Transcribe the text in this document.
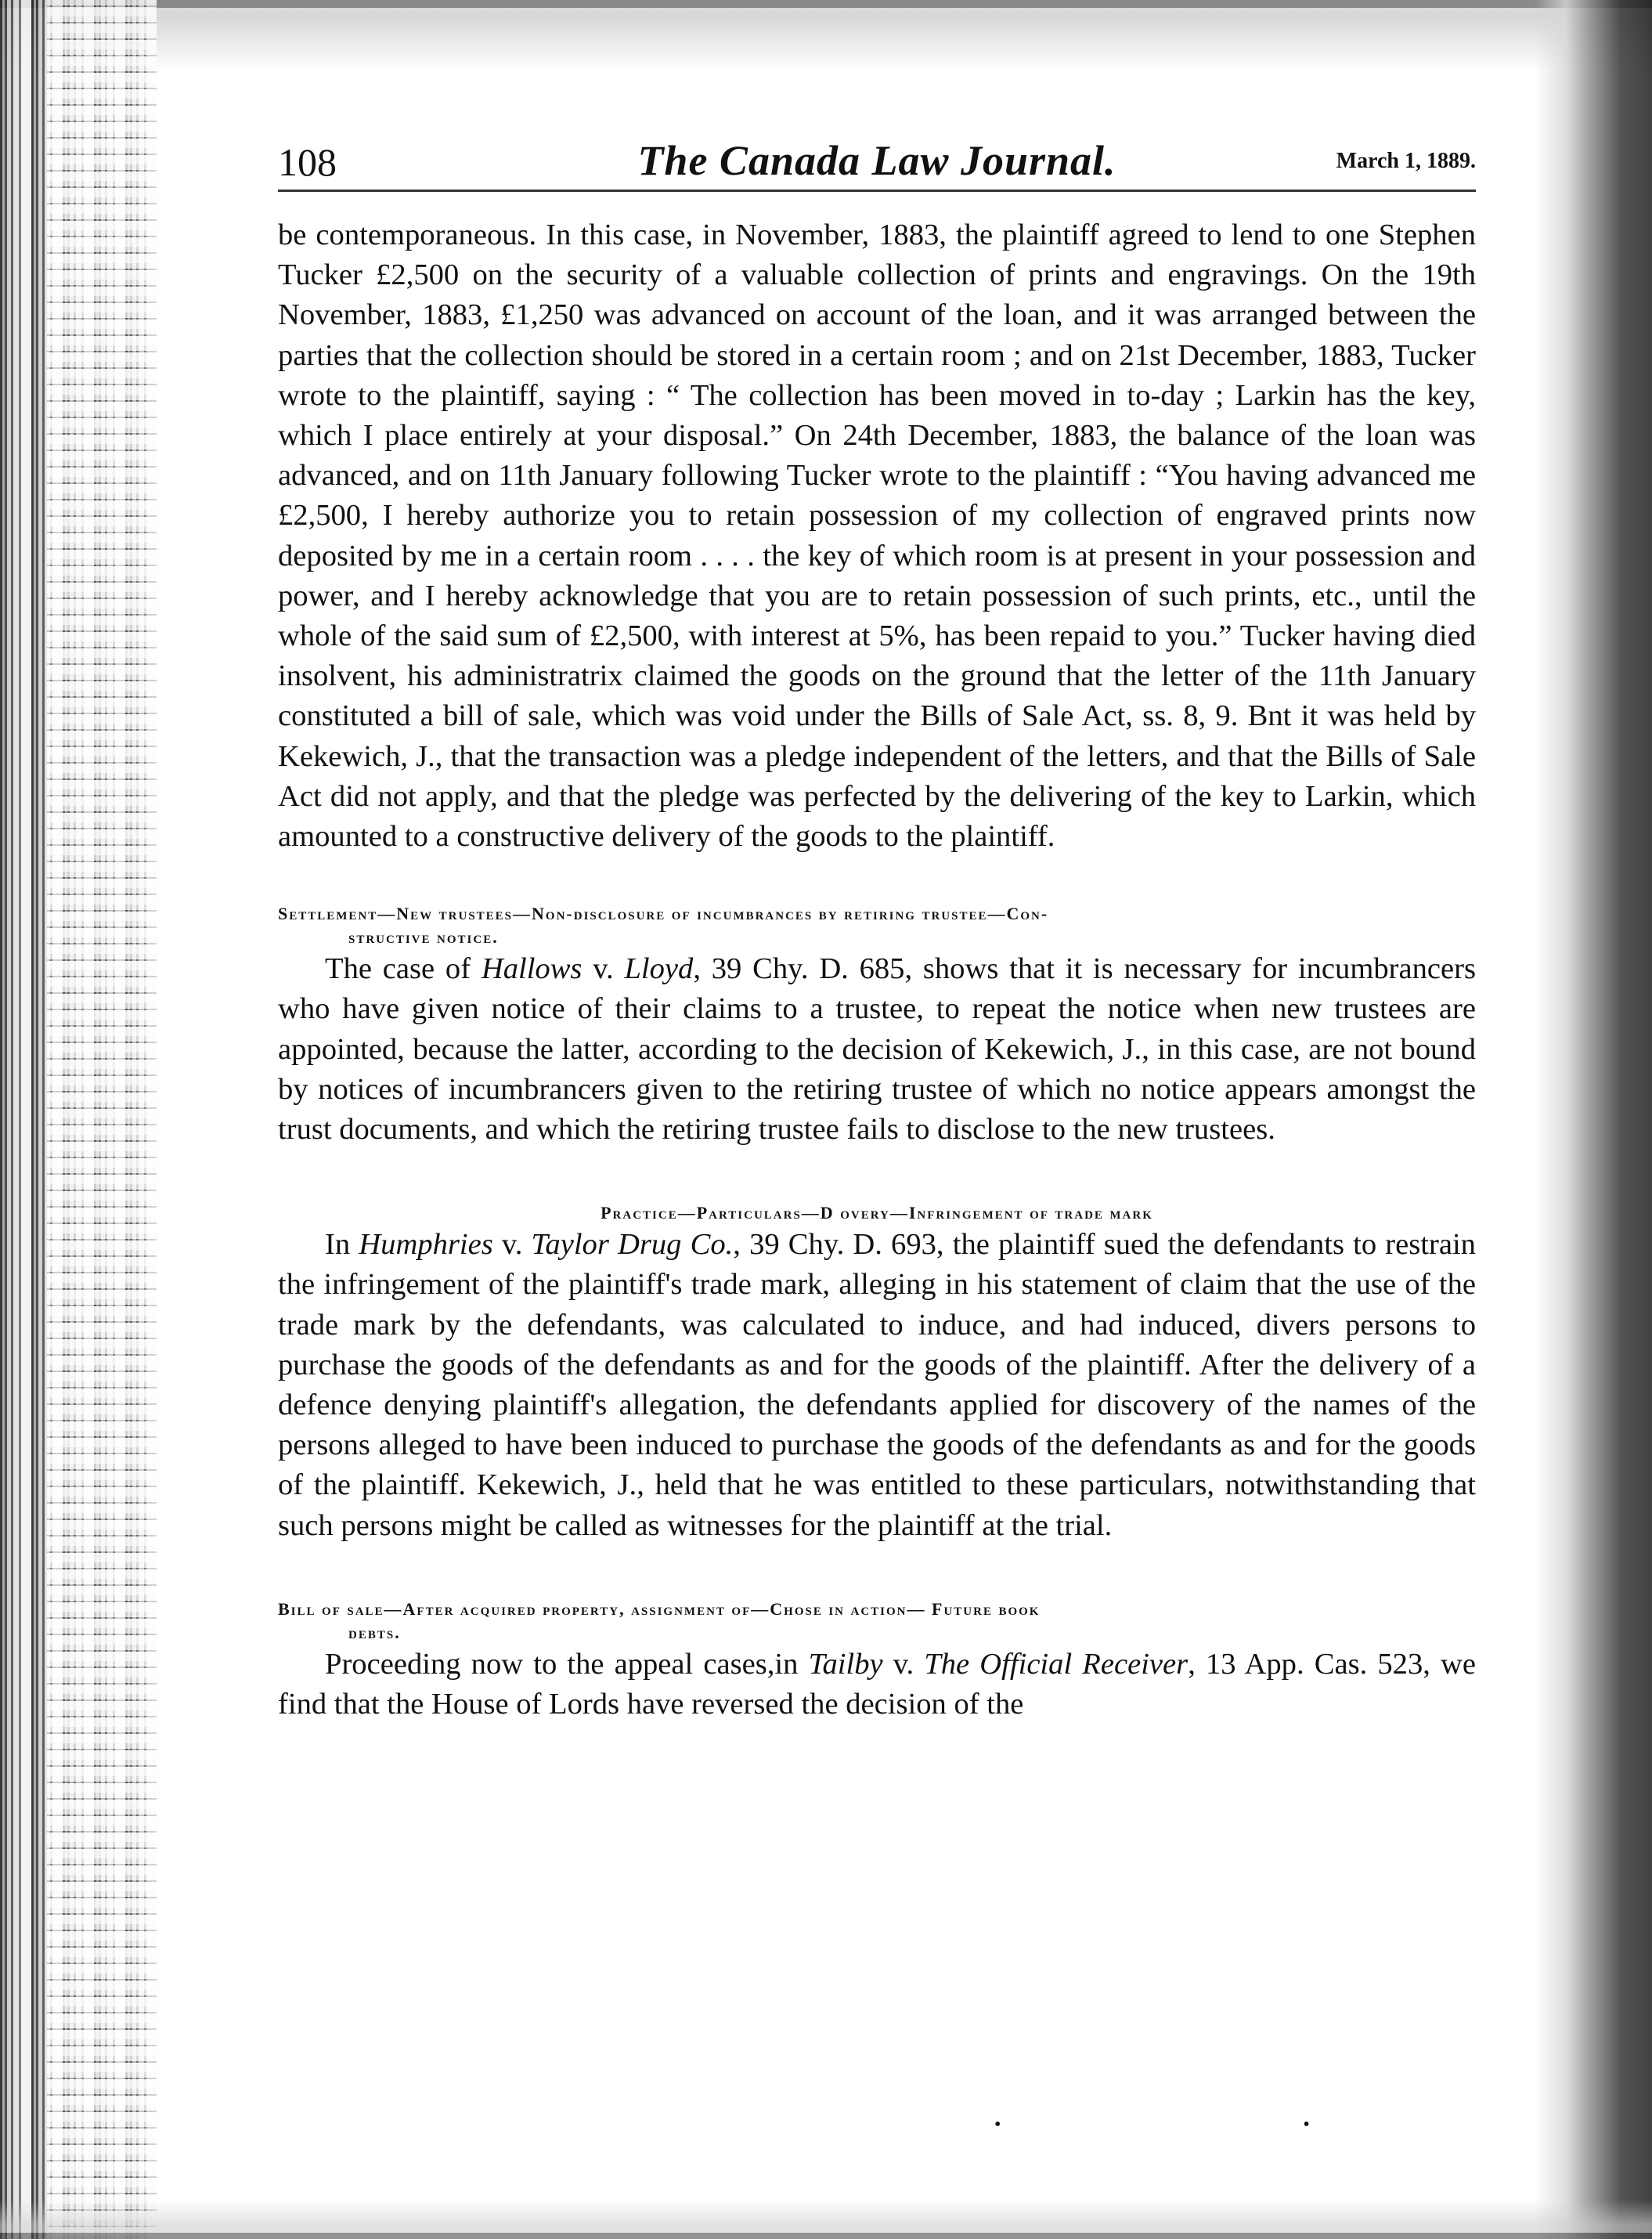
108	The Canada Law Journal.	March 1, 1889.

be contemporaneous. In this case, in November, 1883, the plaintiff agreed to lend to one Stephen Tucker £2,500 on the security of a valuable collection of prints and engravings. On the 19th November, 1883, £1,250 was advanced on account of the loan, and it was arranged between the parties that the collection should be stored in a certain room ; and on 21st December, 1883, Tucker wrote to the plaintiff, saying : “ The collection has been moved in to-day ; Larkin has the key, which I place entirely at your disposal.” On 24th December, 1883, the balance of the loan was advanced, and on 11th January following Tucker wrote to the plaintiff : “You having advanced me £2,500, I hereby authorize you to retain possession of my collection of engraved prints now deposited by me in a certain room . . . . the key of which room is at present in your possession and power, and I hereby acknowledge that you are to retain possession of such prints, etc., until the whole of the said sum of £2,500, with interest at 5%, has been repaid to you.” Tucker having died insolvent, his administratrix claimed the goods on the ground that the letter of the 11th January constituted a bill of sale, which was void under the Bills of Sale Act, ss. 8, 9. Bnt it was held by Kekewich, J., that the transaction was a pledge independent of the letters, and that the Bills of Sale Act did not apply, and that the pledge was perfected by the delivering of the key to Larkin, which amounted to a constructive delivery of the goods to the plaintiff.

Settlement—New trustees—Non-disclosure of incumbrances by retiring trustee—Con-

structive notice.

The case of Hallows v. Lloyd, 39 Chy. D. 685, shows that it is necessary for incumbrancers who have given notice of their claims to a trustee, to repeat the notice when new trustees are appointed, because the latter, according to the decision of Kekewich, J., in this case, are not bound by notices of incumbrancers given to the retiring trustee of which no notice appears amongst the trust documents, and which the retiring trustee fails to disclose to the new trustees.

Practice—Particulars—D overy—Infringement of trade mark

In Humphries v. Taylor Drug Co., 39 Chy. D. 693, the plaintiff sued the defendants to restrain the infringement of the plaintiff's trade mark, alleging in his statement of claim that the use of the trade mark by the defendants, was calculated to induce, and had induced, divers persons to purchase the goods of the defendants as and for the goods of the plaintiff. After the delivery of a defence denying plaintiff's allegation, the defendants applied for discovery of the names of the persons alleged to have been induced to purchase the goods of the defendants as and for the goods of the plaintiff. Kekewich, J., held that he was entitled to these particulars, notwithstanding that such persons might be called as witnesses for the plaintiff at the trial.

Bill of sale—After acquired property, assignment of—Chose in action— Future book

debts.

Proceeding now to the appeal cases,in Tailby v. The Official Receiver, 13 App. Cas. 523, we find that the House of Lords have reversed the decision of the

•	•
